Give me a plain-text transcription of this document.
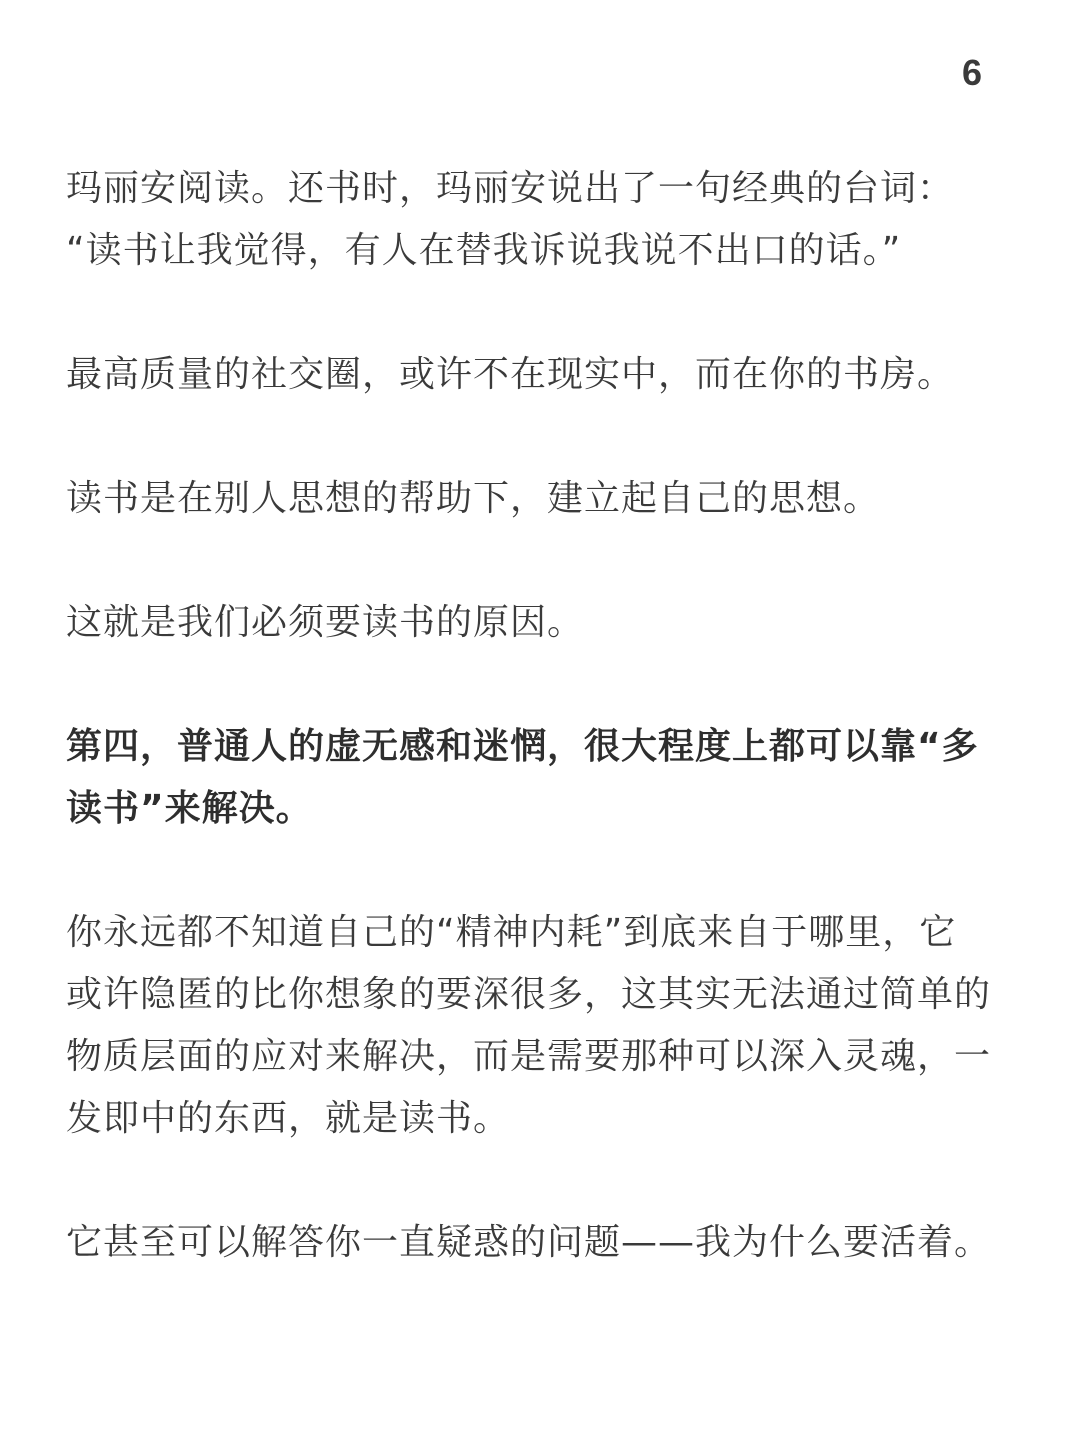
6

玛丽安阅读。还书时，玛丽安说出了一句经典的台词：
“读书让我觉得，有人在替我诉说我说不出口的话。”

最高质量的社交圈，或许不在现实中，而在你的书房。

读书是在别人思想的帮助下，建立起自己的思想。

这就是我们必须要读书的原因。

第四，普通人的虚无感和迷惘，很大程度上都可以靠“多
读书”来解决。

你永远都不知道自己的“精神内耗”到底来自于哪里，它
或许隐匿的比你想象的要深很多，这其实无法通过简单的
物质层面的应对来解决，而是需要那种可以深入灵魂，一
发即中的东西，就是读书。

它甚至可以解答你一直疑惑的问题——我为什么要活着。
